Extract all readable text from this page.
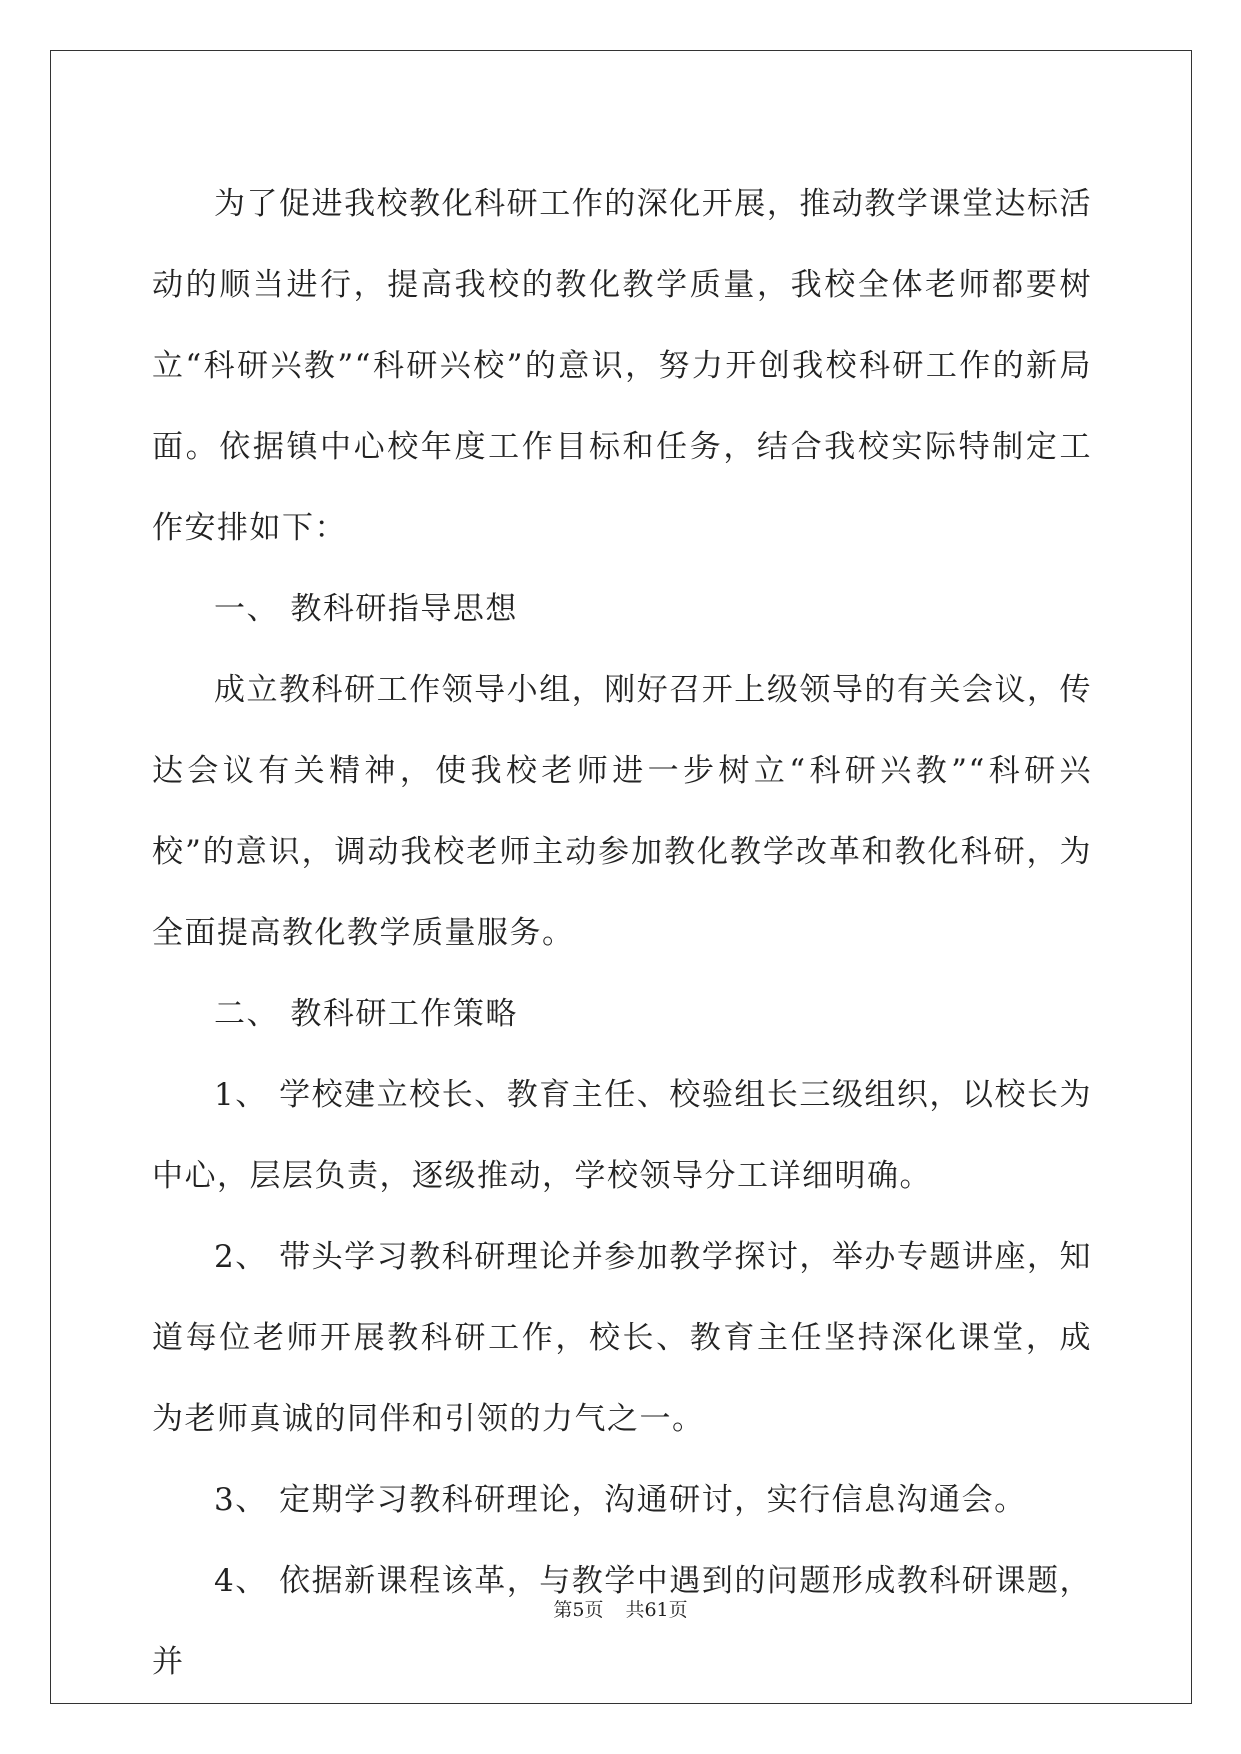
为了促进我校教化科研工作的深化开展，推动教学课堂达标活动的顺当进行，提高我校的教化教学质量，我校全体老师都要树立“科研兴教”“科研兴校”的意识，努力开创我校科研工作的新局面。依据镇中心校年度工作目标和任务，结合我校实际特制定工作安排如下：

一、 教科研指导思想

成立教科研工作领导小组，刚好召开上级领导的有关会议，传达会议有关精神，使我校老师进一步树立“科研兴教”“科研兴校”的意识，调动我校老师主动参加教化教学改革和教化科研，为全面提高教化教学质量服务。

二、 教科研工作策略

1、 学校建立校长、教育主任、校验组长三级组织，以校长为中心，层层负责，逐级推动，学校领导分工详细明确。

2、 带头学习教科研理论并参加教学探讨，举办专题讲座，知道每位老师开展教科研工作，校长、教育主任坚持深化课堂，成为老师真诚的同伴和引领的力气之一。

3、 定期学习教科研理论，沟通研讨，实行信息沟通会。

4、 依据新课程该革，与教学中遇到的问题形成教科研课题，并

第5页 共61页
